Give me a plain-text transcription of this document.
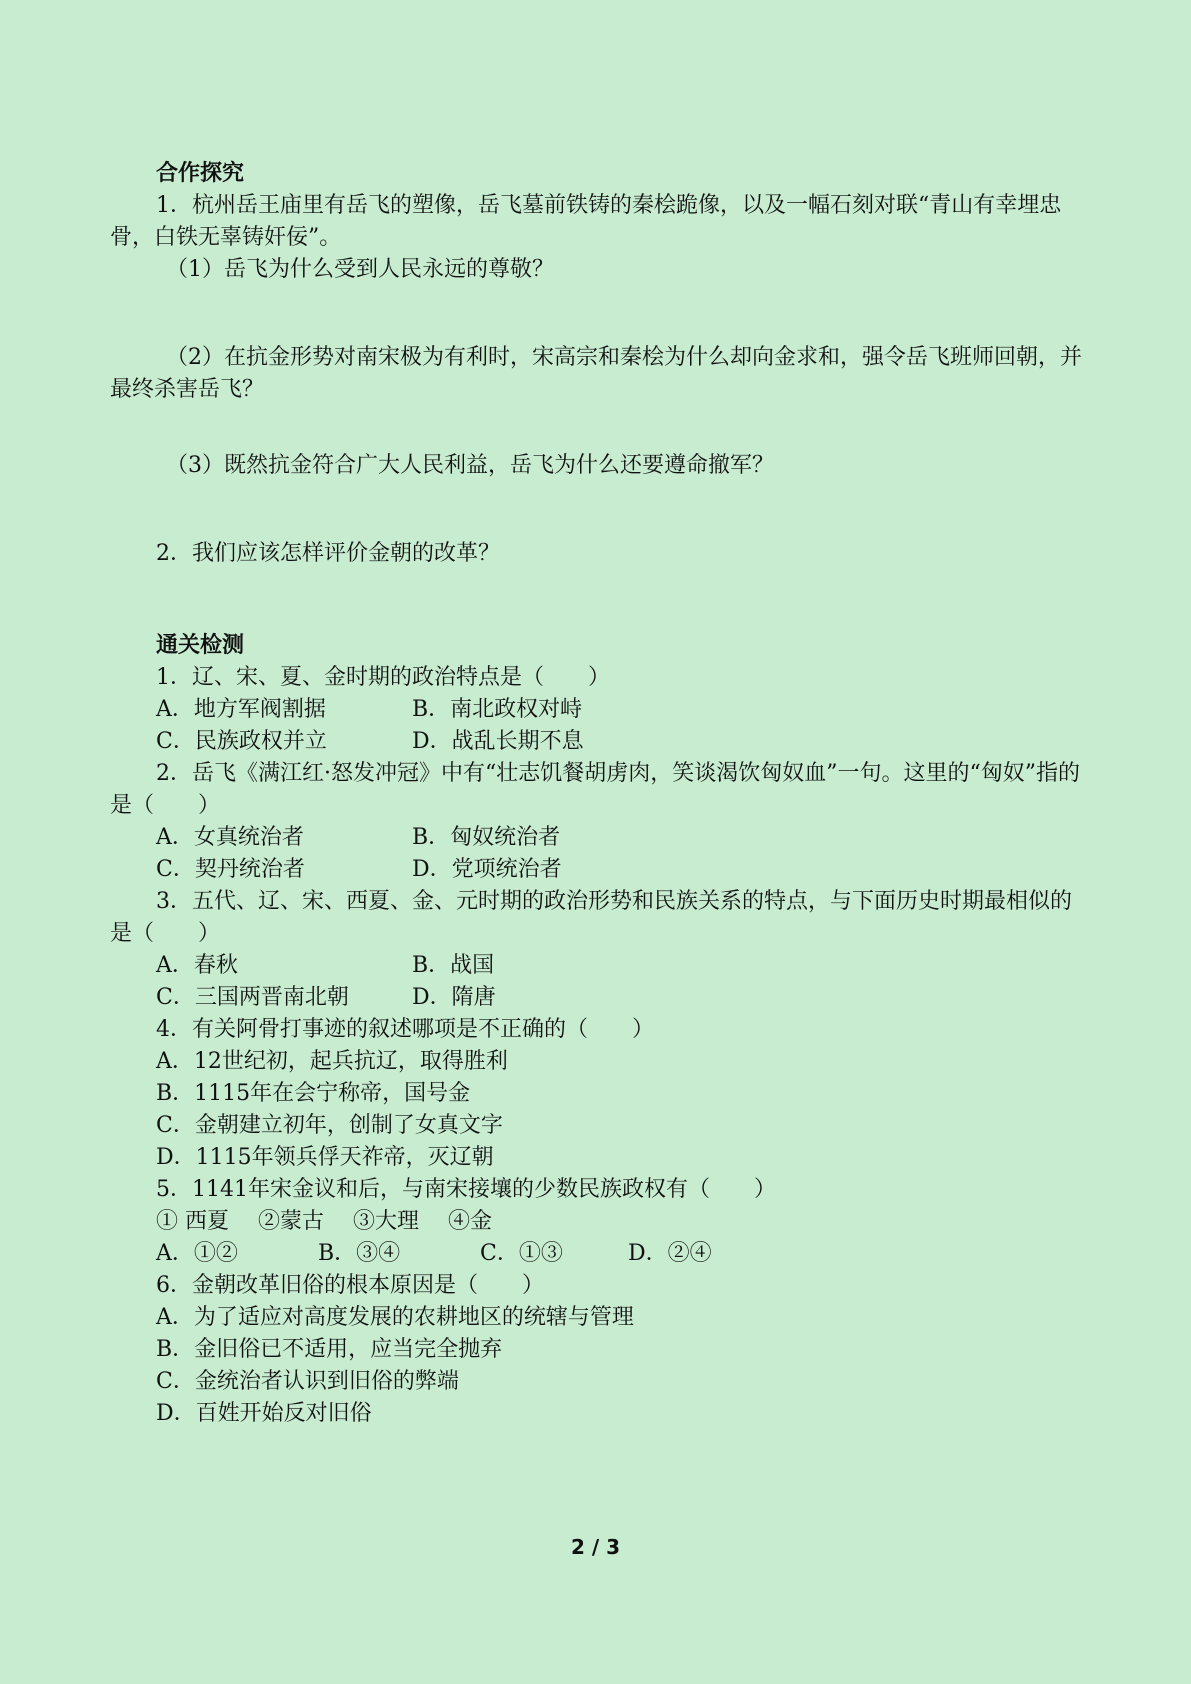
合作探究
1．杭州岳王庙里有岳飞的塑像，岳飞墓前铁铸的秦桧跪像，以及一幅石刻对联“青山有幸埋忠骨，白铁无辜铸奸佞”。
（1）岳飞为什么受到人民永远的尊敬？
（2）在抗金形势对南宋极为有利时，宋高宗和秦桧为什么却向金求和，强令岳飞班师回朝，并最终杀害岳飞？
（3）既然抗金符合广大人民利益，岳飞为什么还要遵命撤军？
2．我们应该怎样评价金朝的改革？
通关检测
1．辽、宋、夏、金时期的政治特点是（　　）
A．地方军阀割据	B．南北政权对峙
C．民族政权并立	D．战乱长期不息
2．岳飞《满江红·怒发冲冠》中有“壮志饥餐胡虏肉，笑谈渴饮匈奴血”一句。这里的“匈奴”指的是（　　）
A．女真统治者	B．匈奴统治者
C．契丹统治者	D．党项统治者
3．五代、辽、宋、西夏、金、元时期的政治形势和民族关系的特点，与下面历史时期最相似的是（　　）
A．春秋	B．战国
C．三国两晋南北朝	D．隋唐
4．有关阿骨打事迹的叙述哪项是不正确的（　　）
A．12世纪初，起兵抗辽，取得胜利
B．1115年在会宁称帝，国号金
C．金朝建立初年，创制了女真文字
D．1115年领兵俘天祚帝，灭辽朝
5．1141年宋金议和后，与南宋接壤的少数民族政权有（　　）
① 西夏　 ②蒙古　 ③大理　 ④金
A．①②	B．③④	C．①③	D．②④
6．金朝改革旧俗的根本原因是（　　）
A．为了适应对高度发展的农耕地区的统辖与管理
B．金旧俗已不适用，应当完全抛弃
C．金统治者认识到旧俗的弊端
D．百姓开始反对旧俗
2 / 3
